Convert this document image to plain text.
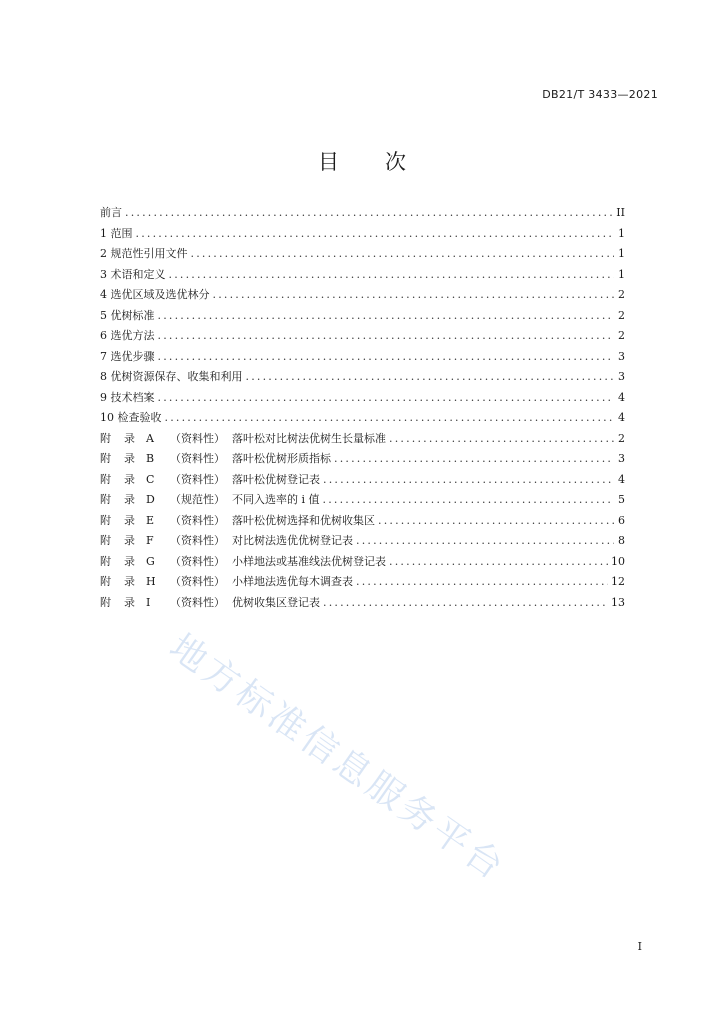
DB21/T 3433—2021
目 次
前言 .....	II
1 范围 .....	1
2 规范性引用文件 .....	1
3 术语和定义 .....	1
4 选优区域及选优林分 .....	2
5 优树标准 .....	2
6 选优方法 .....	2
7 选优步骤 .....	3
8 优树资源保存、收集和利用 .....	3
9 技术档案 .....	4
10 检查验收 .....	4
附	录	A	（资料性） 落叶松对比树法优树生长量标准 .....	2
附	录	B	（资料性） 落叶松优树形质指标 .....	3
附	录	C	（资料性） 落叶松优树登记表 .....	4
附	录	D	（规范性） 不同入选率的 i 值 .....	5
附	录	E	（资料性） 落叶松优树选择和优树收集区 .....	6
附	录	F	（资料性） 对比树法选优优树登记表 .....	8
附	录	G	（资料性） 小样地法或基准线法优树登记表 .....	10
附	录	H	（资料性） 小样地法选优每木调查表 .....	12
附	录	I	（资料性） 优树收集区登记表 .....	13
地方标准信息服务平台
I
